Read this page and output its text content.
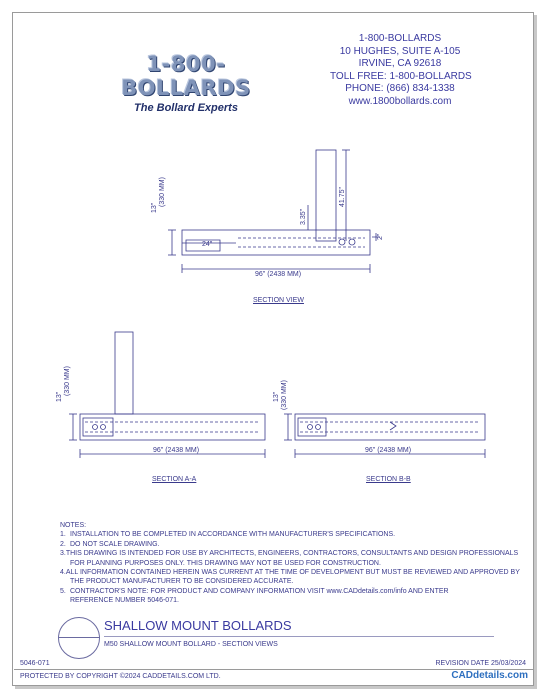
1-800-BOLLARDS
The Bollard Experts
1-800-BOLLARDS
10 HUGHES, SUITE A-105
IRVINE, CA 92618
TOLL FREE: 1-800-BOLLARDS
PHONE: (866) 834-1338
www.1800bollards.com
13"
(330 MM)
24"
96" (2438 MM)
3.35"
41.75"
2"
SECTION VIEW
13"
(330 MM)
96" (2438 MM)
SECTION A-A
13" (330 MM)
96" (2438 MM)
SECTION B-B
NOTES:
1. INSTALLATION TO BE COMPLETED IN ACCORDANCE WITH MANUFACTURER'S SPECIFICATIONS.
2. DO NOT SCALE DRAWING.
3. THIS DRAWING IS INTENDED FOR USE BY ARCHITECTS, ENGINEERS, CONTRACTORS, CONSULTANTS AND DESIGN PROFESSIONALS
FOR PLANNING PURPOSES ONLY. THIS DRAWING MAY NOT BE USED FOR CONSTRUCTION.
4. ALL INFORMATION CONTAINED HEREIN WAS CURRENT AT THE TIME OF DEVELOPMENT BUT MUST BE REVIEWED AND APPROVED BY
THE PRODUCT MANUFACTURER TO BE CONSIDERED ACCURATE.
5. CONTRACTOR'S NOTE: FOR PRODUCT AND COMPANY INFORMATION VISIT www.CADdetails.com/info AND ENTER
REFERENCE NUMBER 5046-071.
SHALLOW MOUNT BOLLARDS
M50 SHALLOW MOUNT BOLLARD - SECTION VIEWS
5046-071	REVISION DATE 25/03/2024
PROTECTED BY COPYRIGHT ©2024 CADDETAILS.COM LTD.	CADdetails.com
